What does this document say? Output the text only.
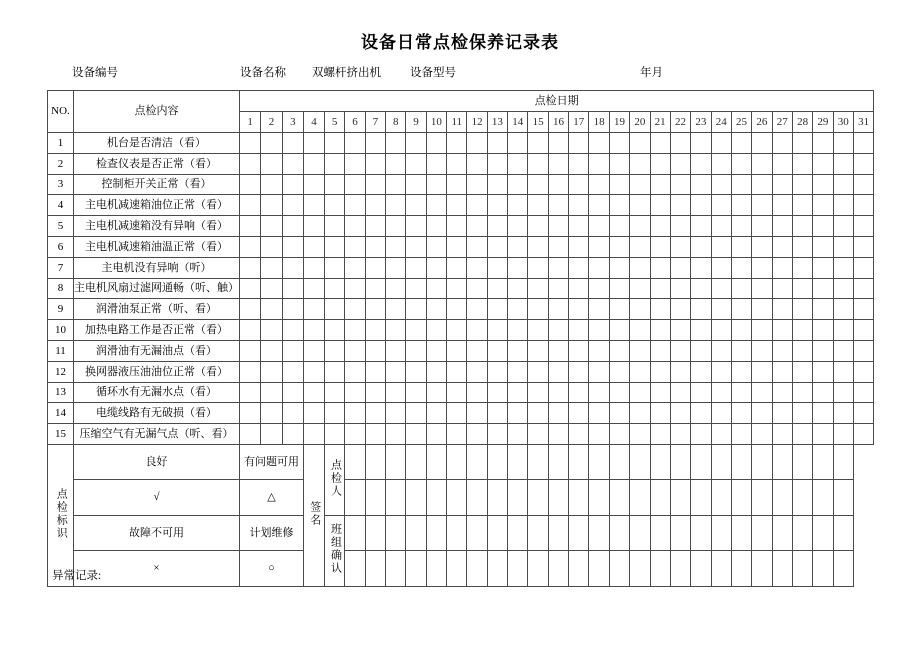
设备日常点检保养记录表
设备编号	设备名称 双螺杆挤出机	设备型号	年月
NO.	点检内容	点检日期																														
		1	2	3	4	5	6	7	8	9	10	11	12	13	14	15	16	17	18	19	20	21	22	23	24	25	26	27	28	29	30	31
1	机台是否清洁（看）																															
2	检查仪表是否正常（看）																															
3	控制柜开关正常（看）																															
4	主电机减速箱油位正常（看）																															
5	主电机减速箱没有异响（看）																															
6	主电机减速箱油温正常（看）																															
7	主电机没有异响（听）																															
8	主电机风扇过滤网通畅（听、触）																															
9	润滑油泵正常（听、看）																															
10	加热电路工作是否正常（看）																															
11	润滑油有无漏油点（看）																															
12	换网器液压油油位正常（看）																															
13	循环水有无漏水点（看）																															
14	电缆线路有无破损（看）																															
15	压缩空气有无漏气点（听、看）																															
点检标识	良好	有问题可用			签名	点检人																										
	√	△																														
	故障不可用	计划维修				班组确认																										
	×	○																														
异常记录:
